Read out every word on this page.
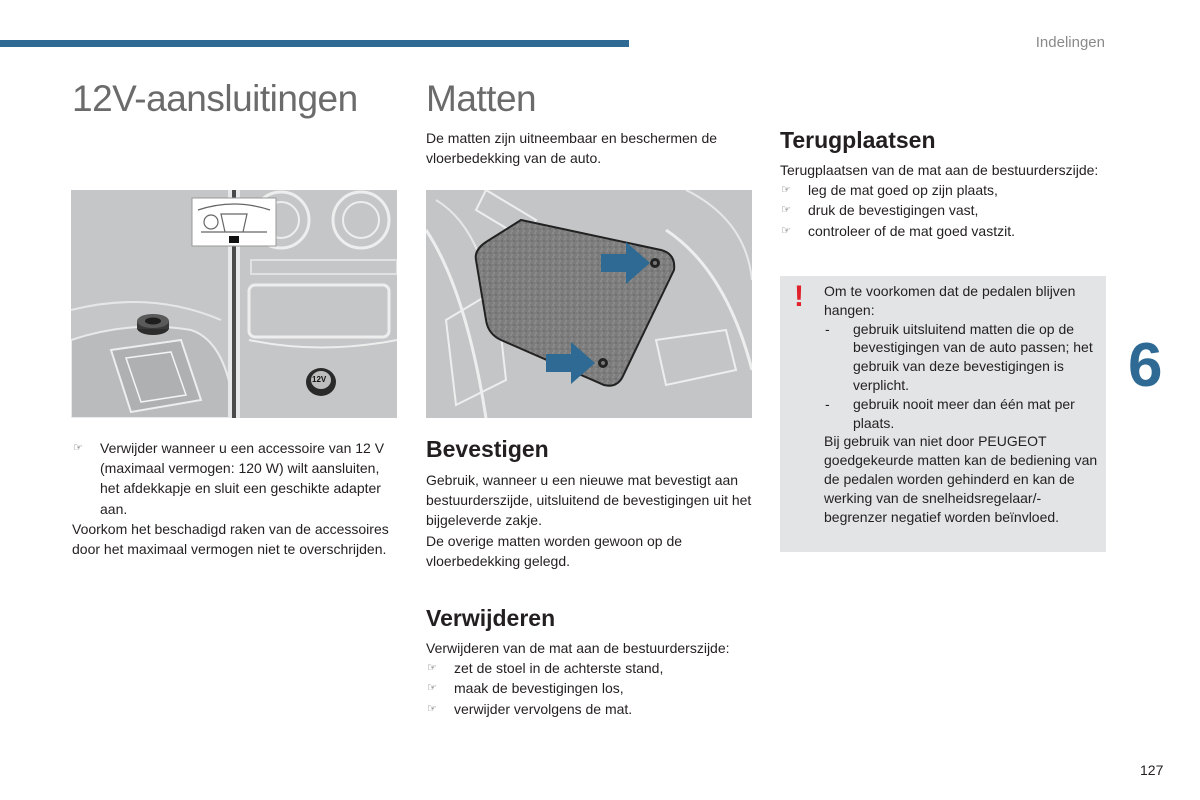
Indelingen
12V-aansluitingen
12V
☞ Verwijder wanneer u een accessoire van 12 V (maximaal vermogen: 120 W) wilt aansluiten, het afdekkapje en sluit een geschikte adapter aan.

Voorkom het beschadigd raken van de accessoires door het maximaal vermogen niet te overschrijden.

Matten
De matten zijn uitneembaar en beschermen de vloerbedekking van de auto.
Bevestigen

Gebruik, wanneer u een nieuwe mat bevestigt aan bestuurderszijde, uitsluitend de bevestigingen uit het bijgeleverde zakje.

De overige matten worden gewoon op de vloerbedekking gelegd.

Verwijderen

Verwijderen van de mat aan de bestuurderszijde:

☞ zet de stoel in de achterste stand,
☞ maak de bevestigingen los,
☞ verwijder vervolgens de mat.
Terugplaatsen

Terugplaatsen van de mat aan de bestuurderszijde:

☞ leg de mat goed op zijn plaats,
☞ druk de bevestigingen vast,
☞ controleer of de mat goed vastzit.
! Om te voorkomen dat de pedalen blijven hangen:

- gebruik uitsluitend matten die op de bevestigingen van de auto passen; het gebruik van deze bevestigingen is verplicht.
- gebruik nooit meer dan één mat per plaats.

Bij gebruik van niet door PEUGEOT goedgekeurde matten kan de bediening van de pedalen worden gehinderd en kan de werking van de snelheidsregelaar/-begrenzer negatief worden beïnvloed.

6
127
